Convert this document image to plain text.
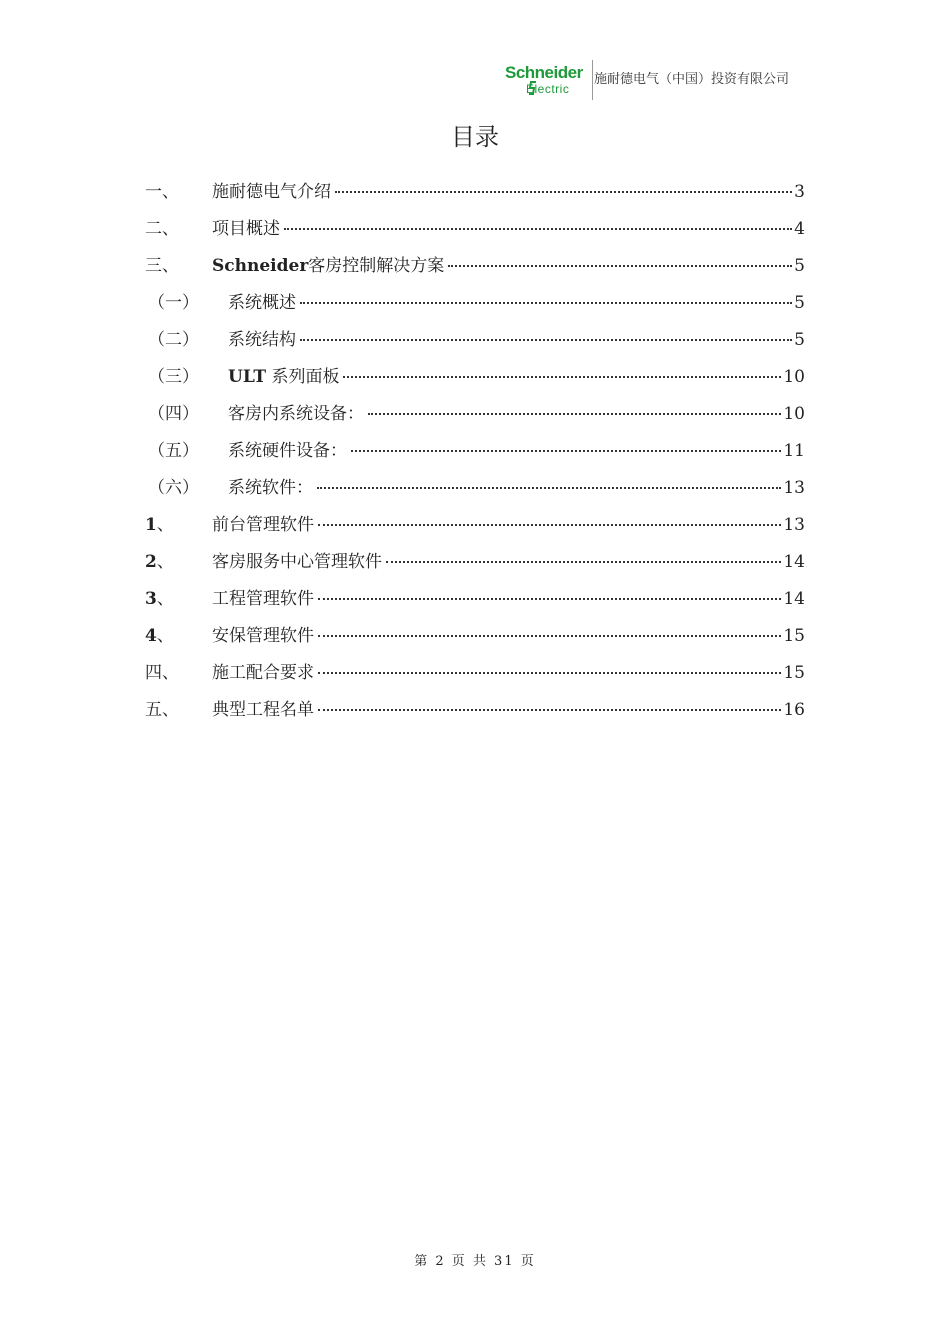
Schneider
Electric
施耐德电气（中国）投资有限公司
目录
一、 施耐德电气介绍	3
二、 项目概述	4
三、 Schneider客房控制解决方案	5
（一） 系统概述	5
（二） 系统结构	5
（三） ULT 系列面板	10
（四） 客房内系统设备：	10
（五） 系统硬件设备：	11
（六） 系统软件：	13
1、 前台管理软件	13
2、 客房服务中心管理软件	14
3、 工程管理软件	14
4、 安保管理软件	15
四、 施工配合要求	15
五、 典型工程名单	16
第 2 页 共 31 页
